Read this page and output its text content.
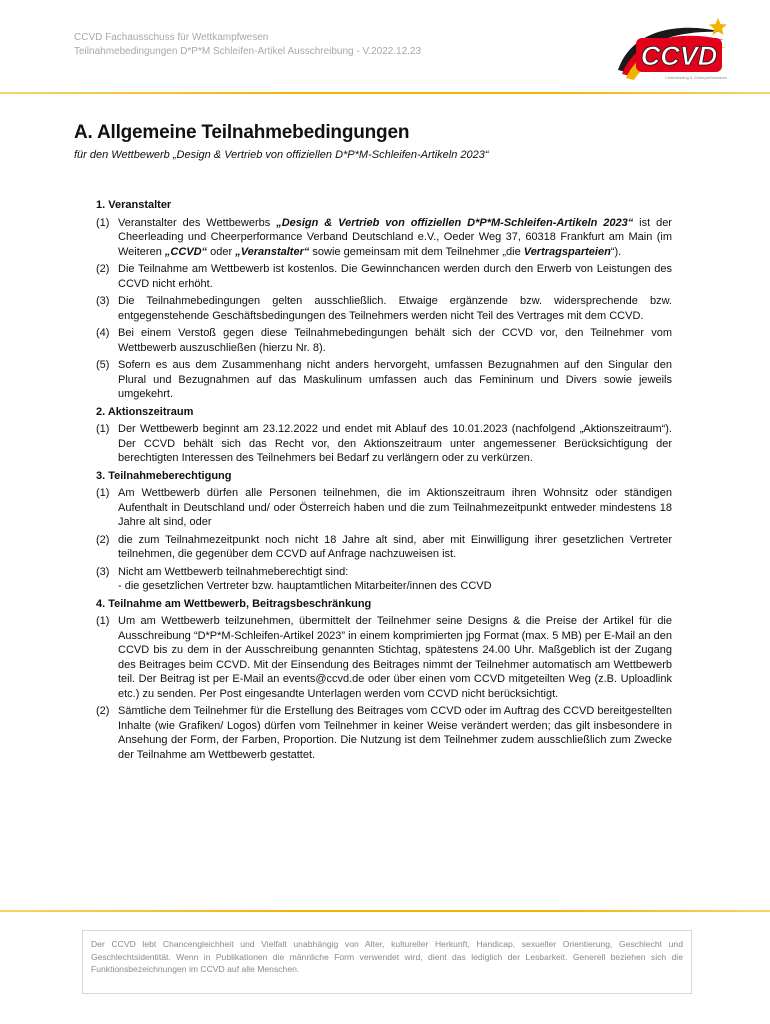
CCVD Fachausschuss für Wettkampfwesen
Teilnahmebedingungen D*P*M Schleifen-Artikel Ausschreibung - V.2022.12.23	CCVD
Cheerleading & Cheerperformance
A. Allgemeine Teilnahmebedingungen
für den Wettbewerb „Design & Vertrieb von offiziellen D*P*M-Schleifen-Artikeln 2023“
1. Veranstalter
(1) Veranstalter des Wettbewerbs „Design & Vertrieb von offiziellen D*P*M-Schleifen-Artikeln 2023“ ist der Cheerleading und Cheerperformance Verband Deutschland e.V., Oeder Weg 37, 60318 Frankfurt am Main (im Weiteren „CCVD“ oder „Veranstalter“ sowie gemeinsam mit dem Teilnehmer „die Vertragsparteien“).
(2) Die Teilnahme am Wettbewerb ist kostenlos. Die Gewinnchancen werden durch den Erwerb von Leistungen des CCVD nicht erhöht.
(3) Die Teilnahmebedingungen gelten ausschließlich. Etwaige ergänzende bzw. widersprechende bzw. entgegenstehende Geschäftsbedingungen des Teilnehmers werden nicht Teil des Vertrages mit dem CCVD.
(4) Bei einem Verstoß gegen diese Teilnahmebedingungen behält sich der CCVD vor, den Teilnehmer vom Wettbewerb auszuschließen (hierzu Nr. 8).
(5) Sofern es aus dem Zusammenhang nicht anders hervorgeht, umfassen Bezugnahmen auf den Singular den Plural und Bezugnahmen auf das Maskulinum umfassen auch das Femininum und Divers sowie jeweils umgekehrt.
2. Aktionszeitraum
(1) Der Wettbewerb beginnt am 23.12.2022 und endet mit Ablauf des 10.01.2023 (nachfolgend „Aktionszeitraum“). Der CCVD behält sich das Recht vor, den Aktionszeitraum unter angemessener Berücksichtigung der berechtigten Interessen des Teilnehmers bei Bedarf zu verlängern oder zu verkürzen.
3. Teilnahmeberechtigung
(1) Am Wettbewerb dürfen alle Personen teilnehmen, die im Aktionszeitraum ihren Wohnsitz oder ständigen Aufenthalt in Deutschland und/ oder Österreich haben und die zum Teilnahmezeitpunkt entweder mindestens 18 Jahre alt sind, oder
(2) die zum Teilnahmezeitpunkt noch nicht 18 Jahre alt sind, aber mit Einwilligung ihrer gesetzlichen Vertreter teilnehmen, die gegenüber dem CCVD auf Anfrage nachzuweisen ist.
(3) Nicht am Wettbewerb teilnahmeberechtigt sind:
- die gesetzlichen Vertreter bzw. hauptamtlichen Mitarbeiter/innen des CCVD
4. Teilnahme am Wettbewerb, Beitragsbeschränkung
(1) Um am Wettbewerb teilzunehmen, übermittelt der Teilnehmer seine Designs & die Preise der Artikel für die Ausschreibung “D*P*M-Schleifen-Artikel 2023” in einem komprimierten jpg Format (max. 5 MB) per E-Mail an den CCVD bis zu dem in der Ausschreibung genannten Stichtag, spätestens 24.00 Uhr. Maßgeblich ist der Zugang des Beitrages beim CCVD. Mit der Einsendung des Beitrages nimmt der Teilnehmer automatisch am Wettbewerb teil. Der Beitrag ist per E-Mail an events@ccvd.de oder über einen vom CCVD mitgeteilten Weg (z.B. Uploadlink etc.) zu senden. Per Post eingesandte Unterlagen werden vom CCVD nicht berücksichtigt.
(2) Sämtliche dem Teilnehmer für die Erstellung des Beitrages vom CCVD oder im Auftrag des CCVD bereitgestellten Inhalte (wie Grafiken/ Logos) dürfen vom Teilnehmer in keiner Weise verändert werden; das gilt insbesondere in Ansehung der Form, der Farben, Proportion. Die Nutzung ist dem Teilnehmer zudem ausschließlich zum Zwecke der Teilnahme am Wettbewerb gestattet.
Der CCVD lebt Chancengleichheit und Vielfalt unabhängig von Alter, kultureller Herkunft, Handicap, sexueller Orientierung, Geschlecht und Geschlechtsidentität. Wenn in Publikationen die männliche Form verwendet wird, dient das lediglich der Lesbarkeit. Generell beziehen sich die Funktionsbezeichnungen im CCVD auf alle Menschen.
